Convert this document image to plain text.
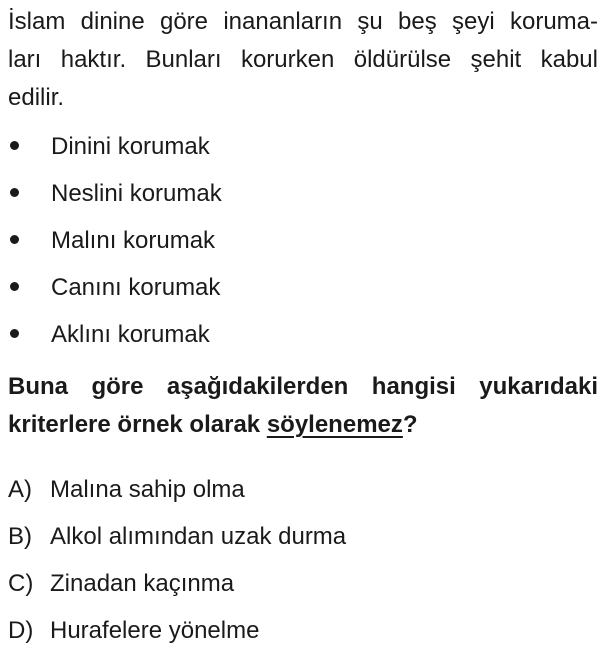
İslam dinine göre inananların şu beş şeyi koruma-
ları haktır. Bunları korurken öldürülse şehit kabul
edilir.

Dinini korumak
Neslini korumak
Malını korumak
Canını korumak
Aklını korumak

Buna göre aşağıdakilerden hangisi yukarıdaki
kriterlere örnek olarak söylenemez?

A) Malına sahip olma
B) Alkol alımından uzak durma
C) Zinadan kaçınma
D) Hurafelere yönelme
